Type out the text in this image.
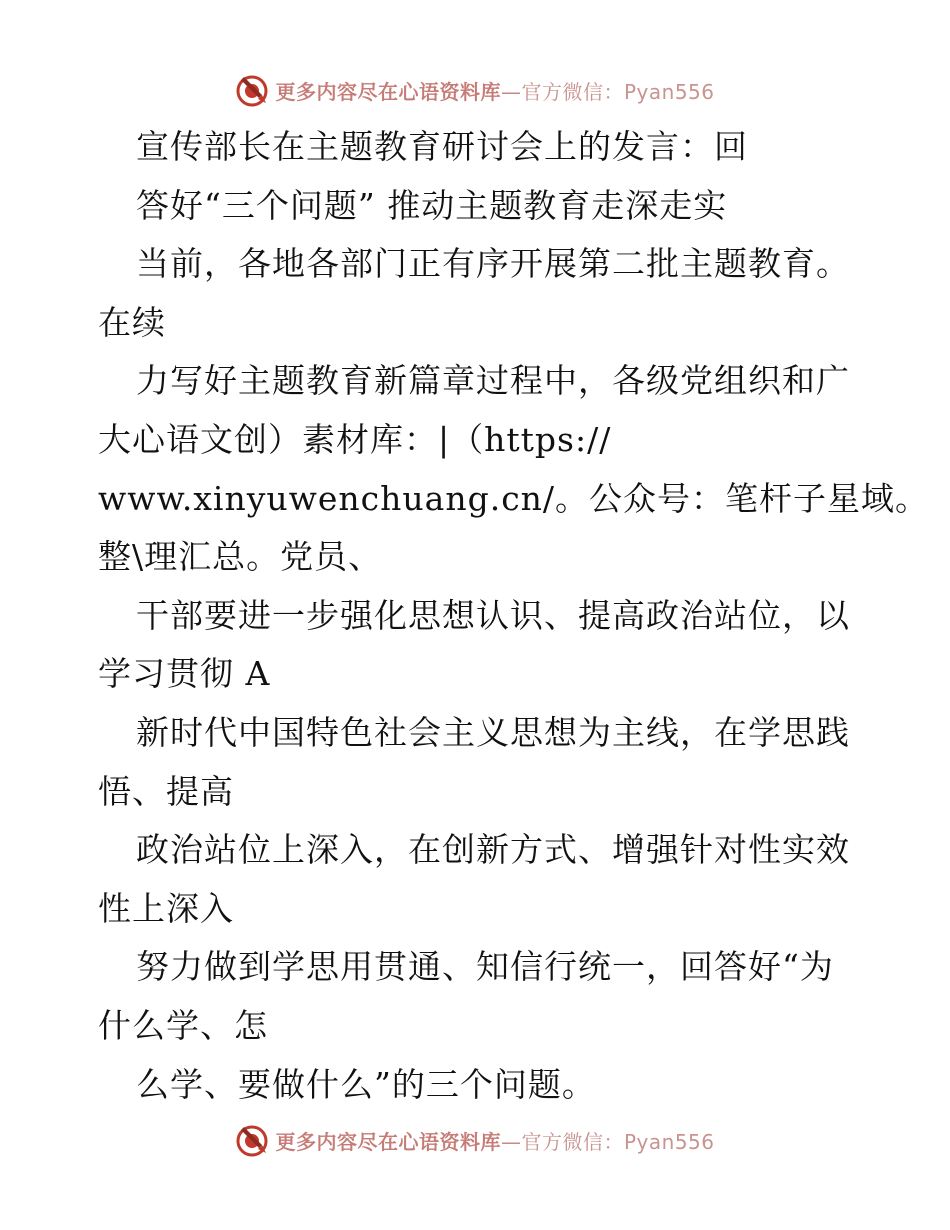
更多内容尽在心语资料库—官方微信：Pyan556
宣传部长在主题教育研讨会上的发言：回
答好“三个问题” 推动主题教育走深走实
当前，各地各部门正有序开展第二批主题教育。
在续
力写好主题教育新篇章过程中，各级党组织和广
大心语文创）素材库：|（https://
www.xinyuwenchuang.cn/。公众号：笔杆子星域。
整\理汇总。党员、
干部要进一步强化思想认识、提高政治站位，以
学习贯彻 A
新时代中国特色社会主义思想为主线，在学思践
悟、提高
政治站位上深入，在创新方式、增强针对性实效
性上深入
努力做到学思用贯通、知信行统一，回答好“为
什么学、怎
么学、要做什么”的三个问题。
更多内容尽在心语资料库—官方微信：Pyan556
